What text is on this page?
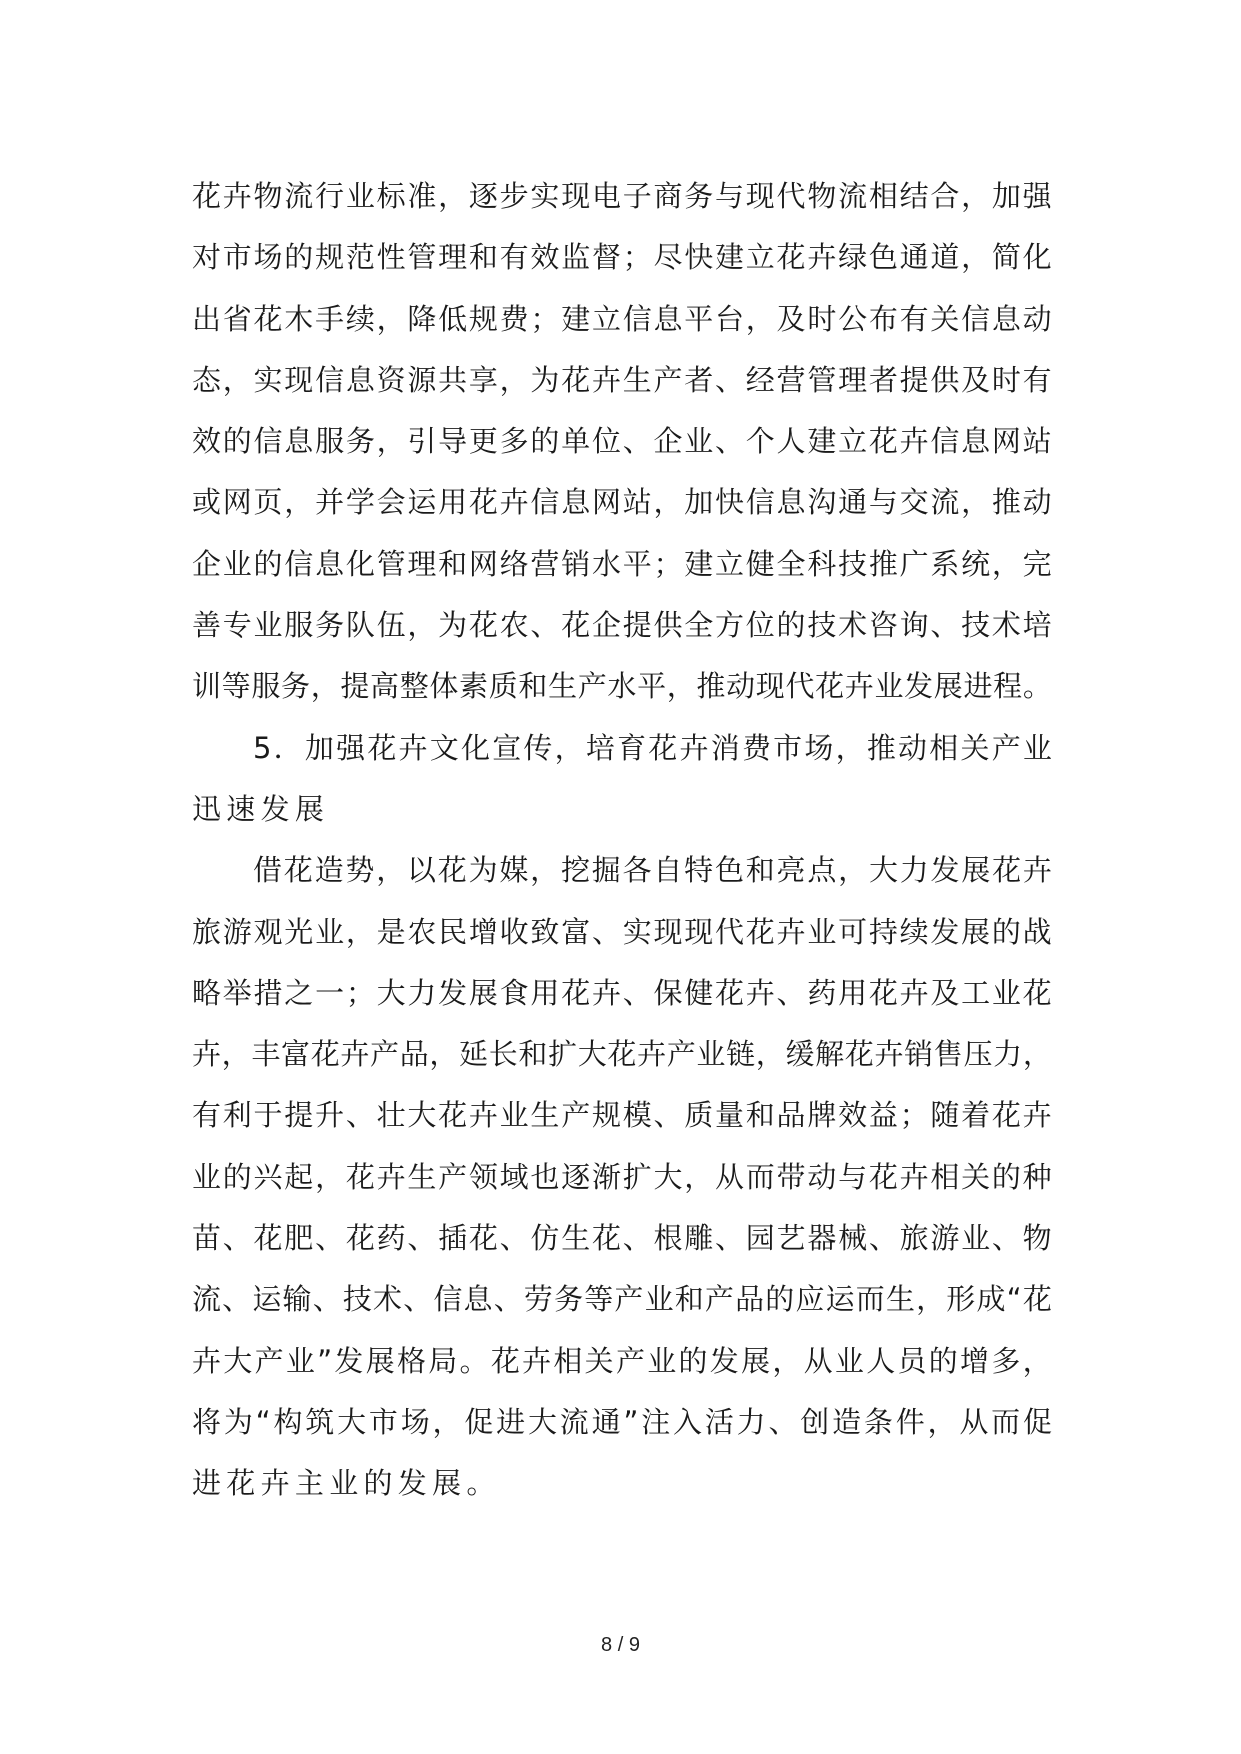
花 卉 物 流 行 业 标 准 ， 逐 步 实 现 电 子 商 务 与 现 代 物 流 相 结 合 ， 加 强
对 市 场 的 规 范 性 管 理 和 有 效 监 督 ； 尽 快 建 立 花 卉 绿 色 通 道 ， 简 化
出 省 花 木 手 续 ， 降 低 规 费 ； 建 立 信 息 平 台 ， 及 时 公 布 有 关 信 息 动
态 ， 实 现 信 息 资 源 共 享 ， 为 花 卉 生 产 者 、 经 营 管 理 者 提 供 及 时 有
效 的 信 息 服 务 ， 引 导 更 多 的 单 位 、 企 业 、 个 人 建 立 花 卉 信 息 网 站
或 网 页 ， 并 学 会 运 用 花 卉 信 息 网 站 ， 加 快 信 息 沟 通 与 交 流 ， 推 动
企 业 的 信 息 化 管 理 和 网 络 营 销 水 平 ； 建 立 健 全 科 技 推 广 系 统 ， 完
善 专 业 服 务 队 伍 ， 为 花 农 、 花 企 提 供 全 方 位 的 技 术 咨 询 、 技 术 培
训 等 服 务 ， 提 高 整 体 素 质 和 生 产 水 平 ， 推 动 现 代 花 卉 业 发 展 进 程 。
5 ． 加 强 花 卉 文 化 宣 传 ， 培 育 花 卉 消 费 市 场 ， 推 动 相 关 产 业
迅速发展
借 花 造 势 ， 以 花 为 媒 ， 挖 掘 各 自 特 色 和 亮 点 ， 大 力 发 展 花 卉
旅 游 观 光 业 ， 是 农 民 增 收 致 富 、 实 现 现 代 花 卉 业 可 持 续 发 展 的 战
略 举 措 之 一 ； 大 力 发 展 食 用 花 卉 、 保 健 花 卉 、 药 用 花 卉 及 工 业 花
卉 ， 丰 富 花 卉 产 品 ， 延 长 和 扩 大 花 卉 产 业 链 ， 缓 解 花 卉 销 售 压 力 ，
有 利 于 提 升 、 壮 大 花 卉 业 生 产 规 模 、 质 量 和 品 牌 效 益 ； 随 着 花 卉
业 的 兴 起 ， 花 卉 生 产 领 域 也 逐 渐 扩 大 ， 从 而 带 动 与 花 卉 相 关 的 种
苗 、 花 肥 、 花 药 、 插 花 、 仿 生 花 、 根 雕 、 园 艺 器 械 、 旅 游 业 、 物
流 、 运 输 、 技 术 、 信 息 、 劳 务 等 产 业 和 产 品 的 应 运 而 生 ， 形 成 “ 花
卉 大 产 业 ” 发 展 格 局 。 花 卉 相 关 产 业 的 发 展 ， 从 业 人 员 的 增 多 ，
将 为 “ 构 筑 大 市 场 ， 促 进 大 流 通 ” 注 入 活 力 、 创 造 条 件 ， 从 而 促
进花卉主业的发展。
8 / 9
